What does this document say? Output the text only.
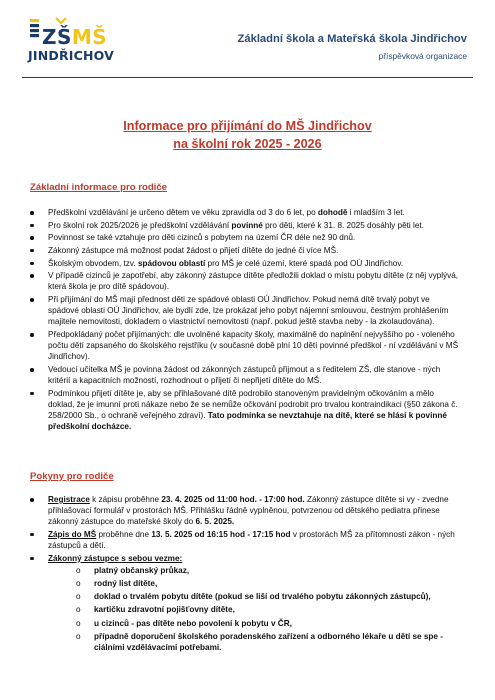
ZŠMŠ
JINDŘICHOV
Základní škola a Mateřská škola Jindřichov
příspěvková organizace
Informace pro přijímání do MŠ Jindřichov
na školní rok 2025 - 2026
Základní informace pro rodiče
Předškolní vzdělávání je určeno dětem ve věku zpravidla od 3 do 6 let, po dohodě i mladším 3 let.
Pro školní rok 2025/2026 je předškolní vzdělávání povinné pro děti, které k 31. 8. 2025 dosáhly pěti let.
Povinnost se také vztahuje pro děti cizinců s pobytem na území ČR déle než 90 dnů.
Zákonný zástupce má možnost podat žádost o přijetí dítěte do jedné či více MŠ.
Školským obvodem, tzv. spádovou oblastí pro MŠ je celé území, které spadá pod OÚ Jindřichov.
V případě cizinců je zapotřebí, aby zákonný zástupce dítěte předložili doklad o místu pobytu dítěte (z něj vyplývá, která škola je pro dítě spádovou).
Při přijímání do MŠ mají přednost děti ze spádové oblasti OÚ Jindřichov. Pokud nemá dítě trvalý pobyt ve spádové oblasti OÚ Jindřichov, ale bydlí zde, lze prokázat jeho pobyt nájemní smlouvou, čestným prohlášením majitele nemovitosti, dokladem o vlastnictví nemovitosti (např. pokud ještě stavba neby - la zkolaudována).
Předpokládaný počet přijímaných: dle uvolněné kapacity školy, maximálně do naplnění nejvyššího po - voleného počtu dětí zapsaného do školského rejstříku (v současné době plní 10 dětí povinné předškol - ní vzdělávání v MŠ Jindřichov).
Vedoucí učitelka MŠ je povinna žádost od zákonných zástupců přijmout a s ředitelem ZŠ, dle stanove - ných kritérií a kapacitních možností, rozhodnout o přijetí či nepřijetí dítěte do MŠ.
Podmínkou přijetí dítěte je, aby se přihlašované dítě podrobilo stanoveným pravidelným očkováním a mělo doklad, že je imunní proti nákaze nebo že se nemůže očkování podrobit pro trvalou kontraindikaci (§50 zákona č. 258/2000 Sb., o ochraně veřejného zdraví). Tato podmínka se nevztahuje na dítě, které se hlásí k povinné předškolní docházce.
Pokyny pro rodiče
Registrace k zápisu proběhne 23. 4. 2025 od 11:00 hod. - 17:00 hod. Zákonný zástupce dítěte si vy - zvedne přihlašovací formulář v prostorách MŠ. Přihlášku řádně vyplněnou, potvrzenou od dětského pediatra přinese zákonný zástupce do mateřské školy do 6. 5. 2025.
Zápis do MŠ proběhne dne 13. 5. 2025 od 16:15 hod - 17:15 hod v prostorách MŠ za přítomnosti zákon - ných zástupců a dětí.
Zákonný zástupce s sebou vezme:
o platný občanský průkaz,
o rodný list dítěte,
o doklad o trvalém pobytu dítěte (pokud se liší od trvalého pobytu zákonných zástupců),
o kartičku zdravotní pojišťovny dítěte,
o u cizinců - pas dítěte nebo povolení k pobytu v ČR,
o případně doporučení školského poradenského zařízení a odborného lékaře u dětí se spe - ciálními vzdělávacími potřebami.
